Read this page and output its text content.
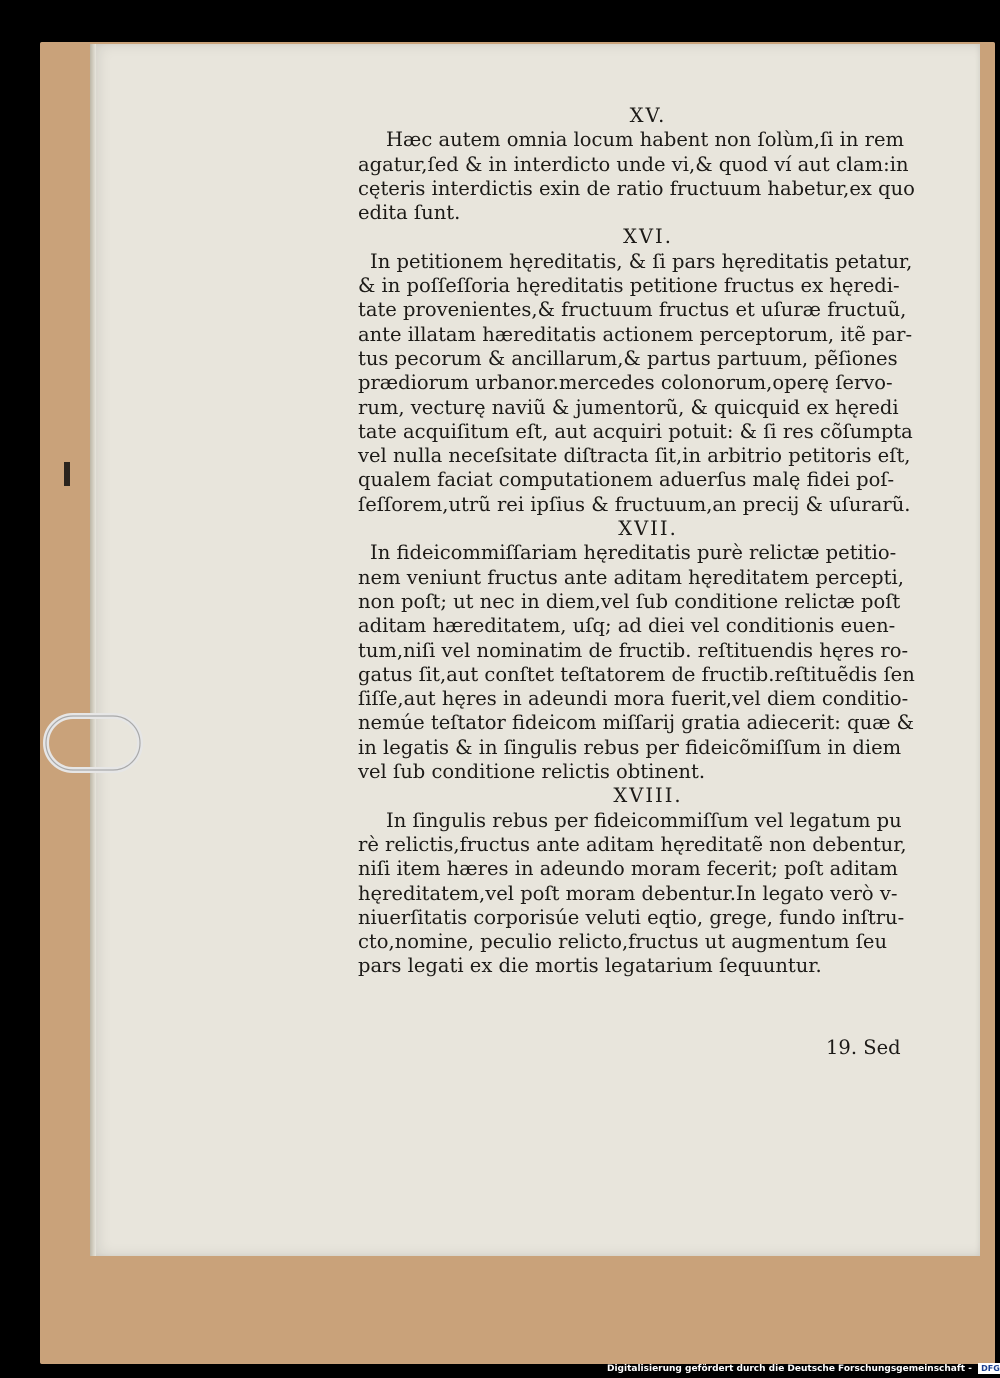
XV.
Hæc autem omnia locum habent non ſolùm,ſi in rem
agatur,ſed & in interdicto unde vi,& quod ví aut clam:in
cęteris interdictis exin de ratio fructuum habetur,ex quo
edita ſunt.
XVI.
In petitionem hęreditatis, & ſi pars hęreditatis petatur,
& in poſſeſſoria hęreditatis petitione fructus ex hęredi-
tate provenientes,& fructuum fructus et uſuræ fructuũ,
ante illatam hæreditatis actionem perceptorum, itẽ par-
tus pecorum & ancillarum,& partus partuum, pẽſiones
prædiorum urbanor.mercedes colonorum,operę ſervo-
rum, vecturę naviũ & jumentorũ, & quicquid ex hęredi
tate acquiſitum eſt, aut acquiri potuit: & ſi res cõſumpta
vel nulla neceſsitate diſtracta ſit,in arbitrio petitoris eſt,
qualem faciat computationem aduerſus malę fidei poſ-
ſeſſorem,utrũ rei ipſius & fructuum,an precij & uſurarũ.
XVII.
In fideicommiſſariam hęreditatis purè relictæ petitio-
nem veniunt fructus ante aditam hęreditatem percepti,
non poſt; ut nec in diem,vel ſub conditione relictæ poſt
aditam hæreditatem, uſq; ad diei vel conditionis euen-
tum,niſi vel nominatim de fructib. reſtituendis hęres ro-
gatus ſit,aut conſtet teſtatorem de fructib.reſtituẽdis ſen
ſiſſe,aut hęres in adeundi mora fuerit,vel diem conditio-
nemúe teſtator fideicom miſſarij gratia adiecerit: quæ &
in legatis & in ſingulis rebus per fideicõmiſſum in diem
vel ſub conditione relictis obtinent.
XVIII.
In ſingulis rebus per fideicommiſſum vel legatum pu
rè relictis,fructus ante aditam hęreditatẽ non debentur,
niſi item hæres in adeundo moram fecerit; poſt aditam
hęreditatem,vel poſt moram debentur.In legato verò v-
niuerſitatis corporisúe veluti eqtio, grege, fundo inſtru-
cto,nomine, peculio relicto,fructus ut augmentum ſeu
pars legati ex die mortis legatarium ſequuntur.
19. Sed
Digitalisierung gefördert durch die Deutsche Forschungsgemeinschaft - DFG
